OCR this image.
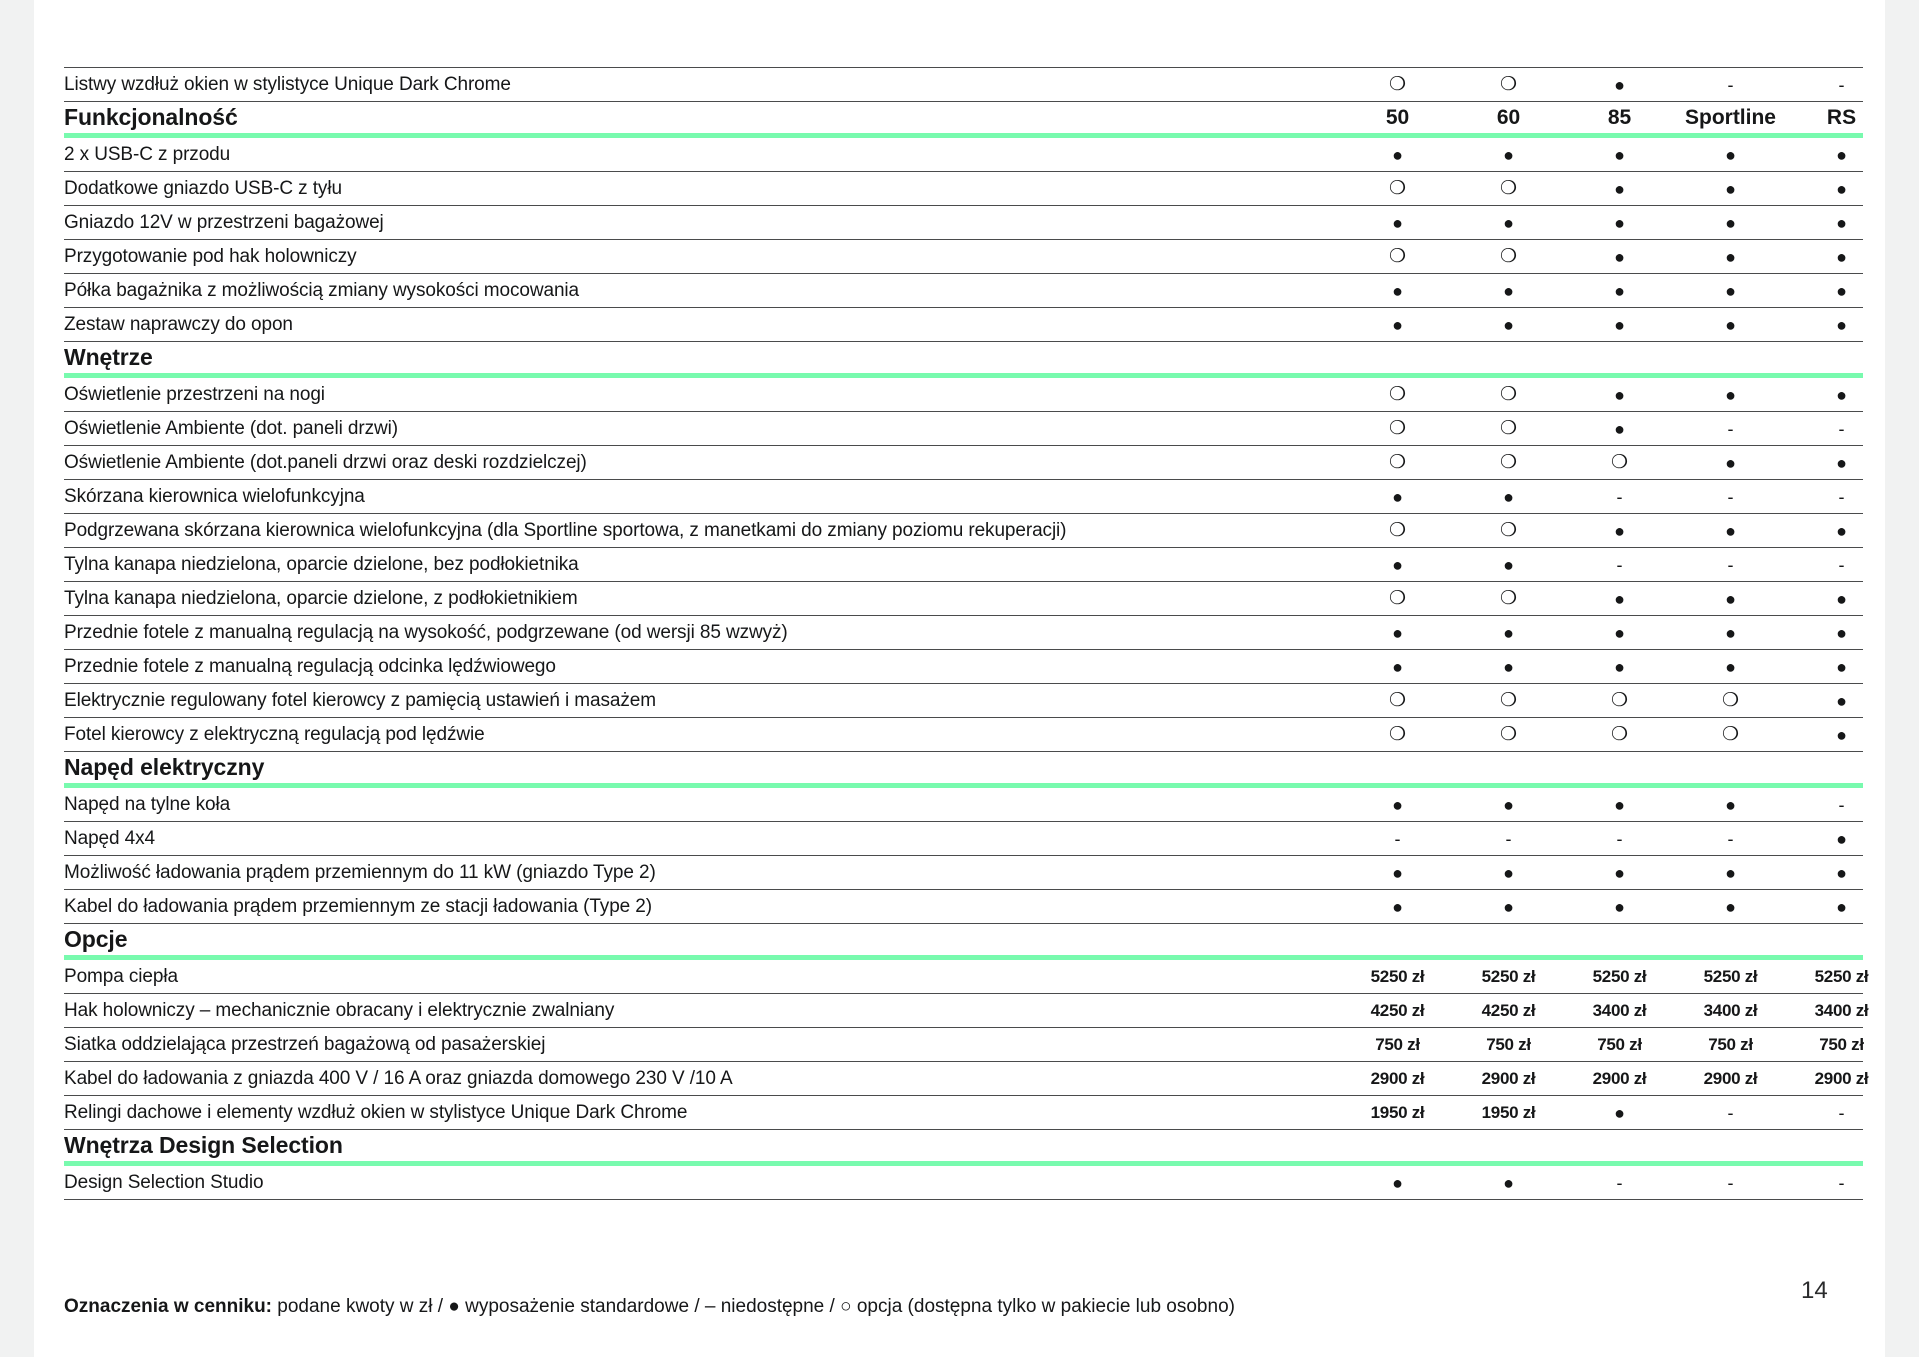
Listwy wzdłuż okien w stylistyce Unique Dark Chrome	❍	❍	●	-	-
Funkcjonalność	50	60	85	Sportline	RS
2 x USB-C z przodu	●	●	●	●	●
Dodatkowe gniazdo USB-C z tyłu	❍	❍	●	●	●
Gniazdo 12V w przestrzeni bagażowej	●	●	●	●	●
Przygotowanie pod hak holowniczy	❍	❍	●	●	●
Półka bagażnika z możliwością zmiany wysokości mocowania	●	●	●	●	●
Zestaw naprawczy do opon	●	●	●	●	●
Wnętrze
Oświetlenie przestrzeni na nogi	❍	❍	●	●	●
Oświetlenie Ambiente (dot. paneli drzwi)	❍	❍	●	-	-
Oświetlenie Ambiente (dot.paneli drzwi oraz deski rozdzielczej)	❍	❍	❍	●	●
Skórzana kierownica wielofunkcyjna	●	●	-	-	-
Podgrzewana skórzana kierownica wielofunkcyjna (dla Sportline sportowa, z manetkami do zmiany poziomu rekuperacji)	❍	❍	●	●	●
Tylna kanapa niedzielona, oparcie dzielone, bez podłokietnika	●	●	-	-	-
Tylna kanapa niedzielona, oparcie dzielone, z podłokietnikiem	❍	❍	●	●	●
Przednie fotele z manualną regulacją na wysokość, podgrzewane (od wersji 85 wzwyż)	●	●	●	●	●
Przednie fotele z manualną regulacją odcinka lędźwiowego	●	●	●	●	●
Elektrycznie regulowany fotel kierowcy z pamięcią ustawień i masażem	❍	❍	❍	❍	●
Fotel kierowcy z elektryczną regulacją pod lędźwie	❍	❍	❍	❍	●
Napęd elektryczny
Napęd na tylne koła	●	●	●	●	-
Napęd 4x4	-	-	-	-	●
Możliwość ładowania prądem przemiennym do 11 kW (gniazdo Type 2)	●	●	●	●	●
Kabel do ładowania prądem przemiennym ze stacji ładowania (Type 2)	●	●	●	●	●
Opcje
Pompa ciepła	5250 zł	5250 zł	5250 zł	5250 zł	5250 zł
Hak holowniczy – mechanicznie obracany i elektrycznie zwalniany	4250 zł	4250 zł	3400 zł	3400 zł	3400 zł
Siatka oddzielająca przestrzeń bagażową od pasażerskiej	750 zł	750 zł	750 zł	750 zł	750 zł
Kabel do ładowania z gniazda 400 V / 16 A oraz gniazda domowego 230 V /10 A	2900 zł	2900 zł	2900 zł	2900 zł	2900 zł
Relingi dachowe i elementy wzdłuż okien w stylistyce Unique Dark Chrome	1950 zł	1950 zł	●	-	-
Wnętrza Design Selection
Design Selection Studio	●	●	-	-	-
Oznaczenia w cenniku: podane kwoty w zł / ● wyposażenie standardowe / – niedostępne / ○ opcja (dostępna tylko w pakiecie lub osobno)
14
